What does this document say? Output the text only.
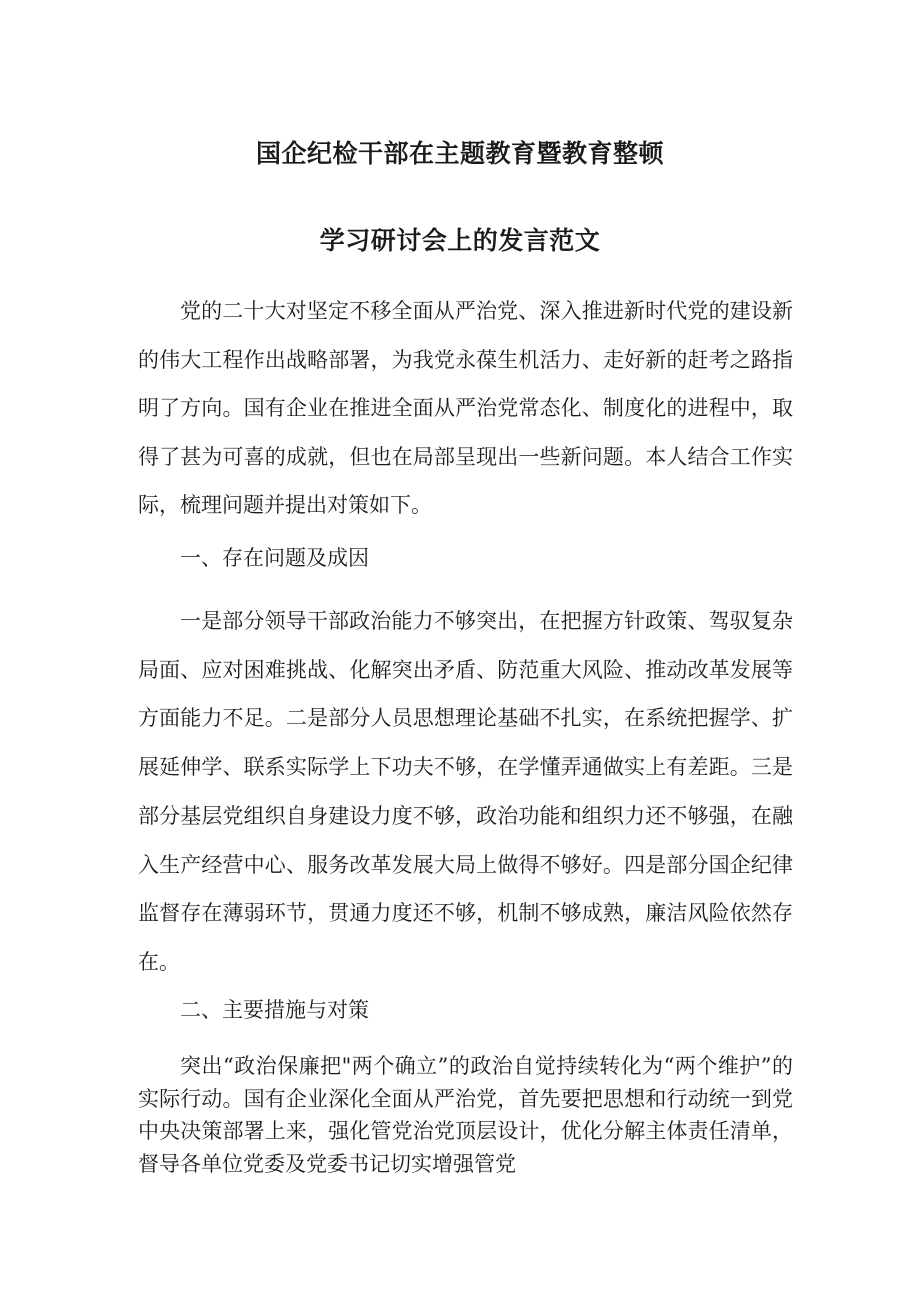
国企纪检干部在主题教育暨教育整顿
学习研讨会上的发言范文

党的二十大对坚定不移全面从严治党、深入推进新时代党的建设新的伟大工程作出战略部署，为我党永葆生机活力、走好新的赶考之路指明了方向。国有企业在推进全面从严治党常态化、制度化的进程中，取得了甚为可喜的成就，但也在局部呈现出一些新问题。本人结合工作实际，梳理问题并提出对策如下。

一、存在问题及成因

一是部分领导干部政治能力不够突出，在把握方针政策、驾驭复杂局面、应对困难挑战、化解突出矛盾、防范重大风险、推动改革发展等方面能力不足。二是部分人员思想理论基础不扎实，在系统把握学、扩展延伸学、联系实际学上下功夫不够，在学懂弄通做实上有差距。三是部分基层党组织自身建设力度不够，政治功能和组织力还不够强，在融入生产经营中心、服务改革发展大局上做得不够好。四是部分国企纪律监督存在薄弱环节，贯通力度还不够，机制不够成熟，廉洁风险依然存在。

二、主要措施与对策

突出“政治保廉把"两个确立”的政治自觉持续转化为“两个维护”的实际行动。国有企业深化全面从严治党，首先要把思想和行动统一到党中央决策部署上来，强化管党治党顶层设计，优化分解主体责任清单，督导各单位党委及党委书记切实增强管党
